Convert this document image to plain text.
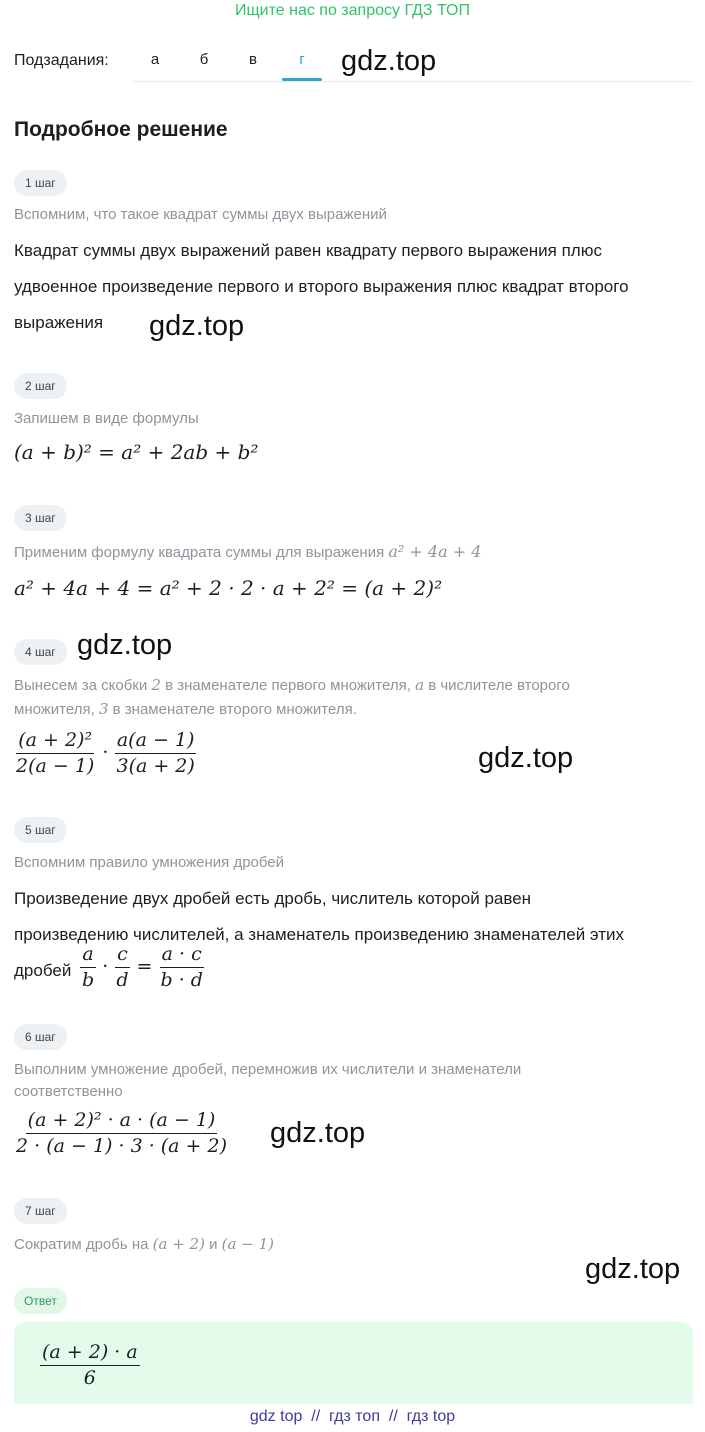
Ищите нас по запросу ГДЗ ТОП
Подзадания:	а	б	в	г	gdz.top
Подробное решение
1 шаг
Вспомним, что такое квадрат суммы двух выражений
Квадрат суммы двух выражений равен квадрату первого выражения плюс
удвоенное произведение первого и второго выражения плюс квадрат второго
выражения gdz.top
2 шаг
Запишем в виде формулы
(a + b)² = a² + 2ab + b²
3 шаг
Применим формулу квадрата суммы для выражения a² + 4a + 4
a² + 4a + 4 = a² + 2 · 2 · a + 2² = (a + 2)²
4 шаг gdz.top
Вынесем за скобки 2 в знаменателе первого множителя, a в числителе второго
множителя, 3 в знаменателе второго множителя.
$\frac{\text{(a + 2)²}}{2(a - 1)} \cdot \frac{a(a - 1)}{3(a + 2)}$	gdz.top
5 шаг
Вспомним правило умножения дробей
Произведение двух дробей есть дробь, числитель которой равен
произведению числителей, а знаменатель произведению знаменателей этих
дробей $\frac{a}{b} \cdot \frac{c}{d} = \frac{a \cdot c}{b \cdot d}$
6 шаг
Выполним умножение дробей, перемножив их числители и знаменатели
соответственно
$\frac{\text{(a + 2)² · a · (a − 1)}}{2 \cdot (a - 1) \cdot 3 \cdot (a + 2)} gdz.top$
7 шаг
Сократим дробь на (a + 2) и (a − 1)
gdz.top
Ответ
$\frac{(a + 2) \cdot a}{6}$
gdz top  //  гдз топ  //  гдз top
